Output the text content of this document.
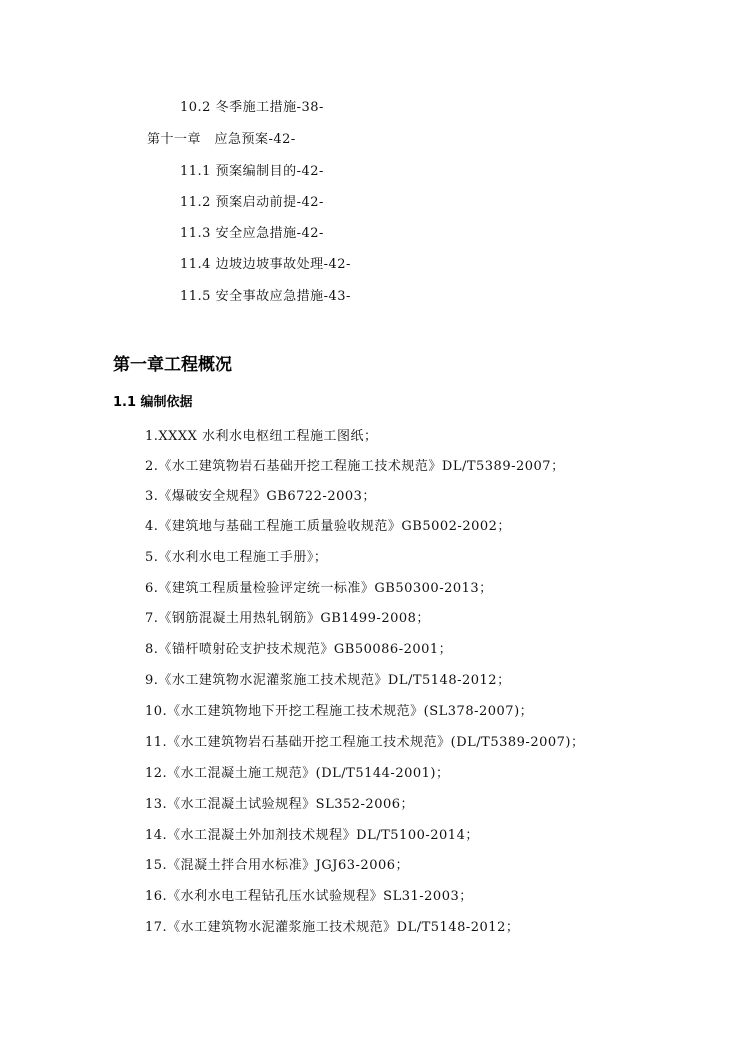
10.2 冬季施工措施-38-
第十一章　应急预案-42-
11.1 预案编制目的-42-
11.2 预案启动前提-42-
11.3 安全应急措施-42-
11.4 边坡边坡事故处理-42-
11.5 安全事故应急措施-43-
第一章工程概况
1.1 编制依据
1.XXXX 水利水电枢纽工程施工图纸；
2.《水工建筑物岩石基础开挖工程施工技术规范》DL/T5389-2007；
3.《爆破安全规程》GB6722-2003；
4.《建筑地与基础工程施工质量验收规范》GB5002-2002；
5.《水利水电工程施工手册》；
6.《建筑工程质量检验评定统一标准》GB50300-2013；
7.《钢筋混凝土用热轧钢筋》GB1499-2008；
8.《锚杆喷射砼支护技术规范》GB50086-2001；
9.《水工建筑物水泥灌浆施工技术规范》DL/T5148-2012；
10.《水工建筑物地下开挖工程施工技术规范》(SL378-2007)；
11.《水工建筑物岩石基础开挖工程施工技术规范》(DL/T5389-2007)；
12.《水工混凝土施工规范》(DL/T5144-2001)；
13.《水工混凝土试验规程》SL352-2006；
14.《水工混凝土外加剂技术规程》DL/T5100-2014；
15.《混凝土拌合用水标准》JGJ63-2006；
16.《水利水电工程钻孔压水试验规程》SL31-2003；
17.《水工建筑物水泥灌浆施工技术规范》DL/T5148-2012；
